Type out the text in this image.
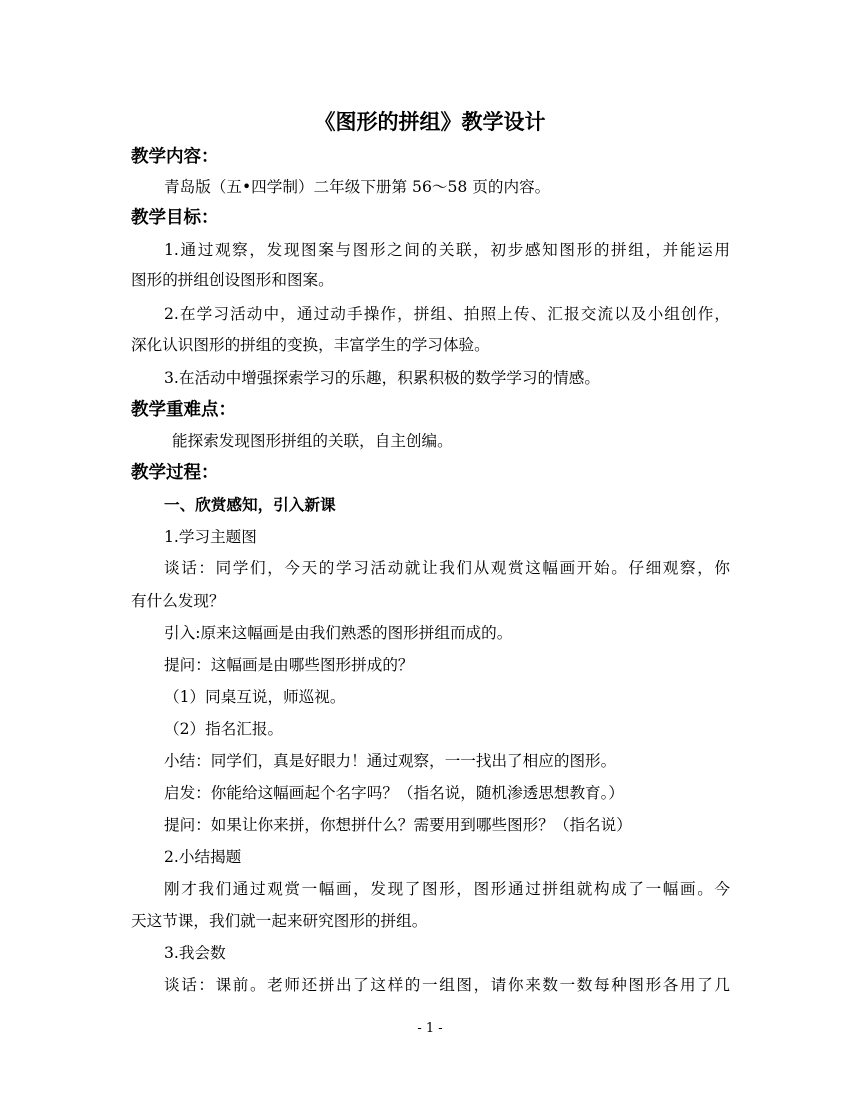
《图形的拼组》教学设计
教学内容：
青岛版（五•四学制）二年级下册第 56～58 页的内容。
教学目标：
1.通过观察，发现图案与图形之间的关联，初步感知图形的拼组，并能运用
图形的拼组创设图形和图案。
2.在学习活动中，通过动手操作，拼组、拍照上传、汇报交流以及小组创作，
深化认识图形的拼组的变换，丰富学生的学习体验。
3.在活动中增强探索学习的乐趣，积累积极的数学学习的情感。
教学重难点：
能探索发现图形拼组的关联，自主创编。
教学过程：
一、欣赏感知，引入新课
1.学习主题图
谈话：同学们，今天的学习活动就让我们从观赏这幅画开始。仔细观察，你
有什么发现？
引入:原来这幅画是由我们熟悉的图形拼组而成的。
提问：这幅画是由哪些图形拼成的？
（1）同桌互说，师巡视。
（2）指名汇报。
小结：同学们，真是好眼力！通过观察，一一找出了相应的图形。
启发：你能给这幅画起个名字吗？（指名说，随机渗透思想教育。）
提问：如果让你来拼，你想拼什么？需要用到哪些图形？（指名说）
2.小结揭题
刚才我们通过观赏一幅画，发现了图形，图形通过拼组就构成了一幅画。今
天这节课，我们就一起来研究图形的拼组。
3.我会数
谈话：课前。老师还拼出了这样的一组图，请你来数一数每种图形各用了几
- 1 -
